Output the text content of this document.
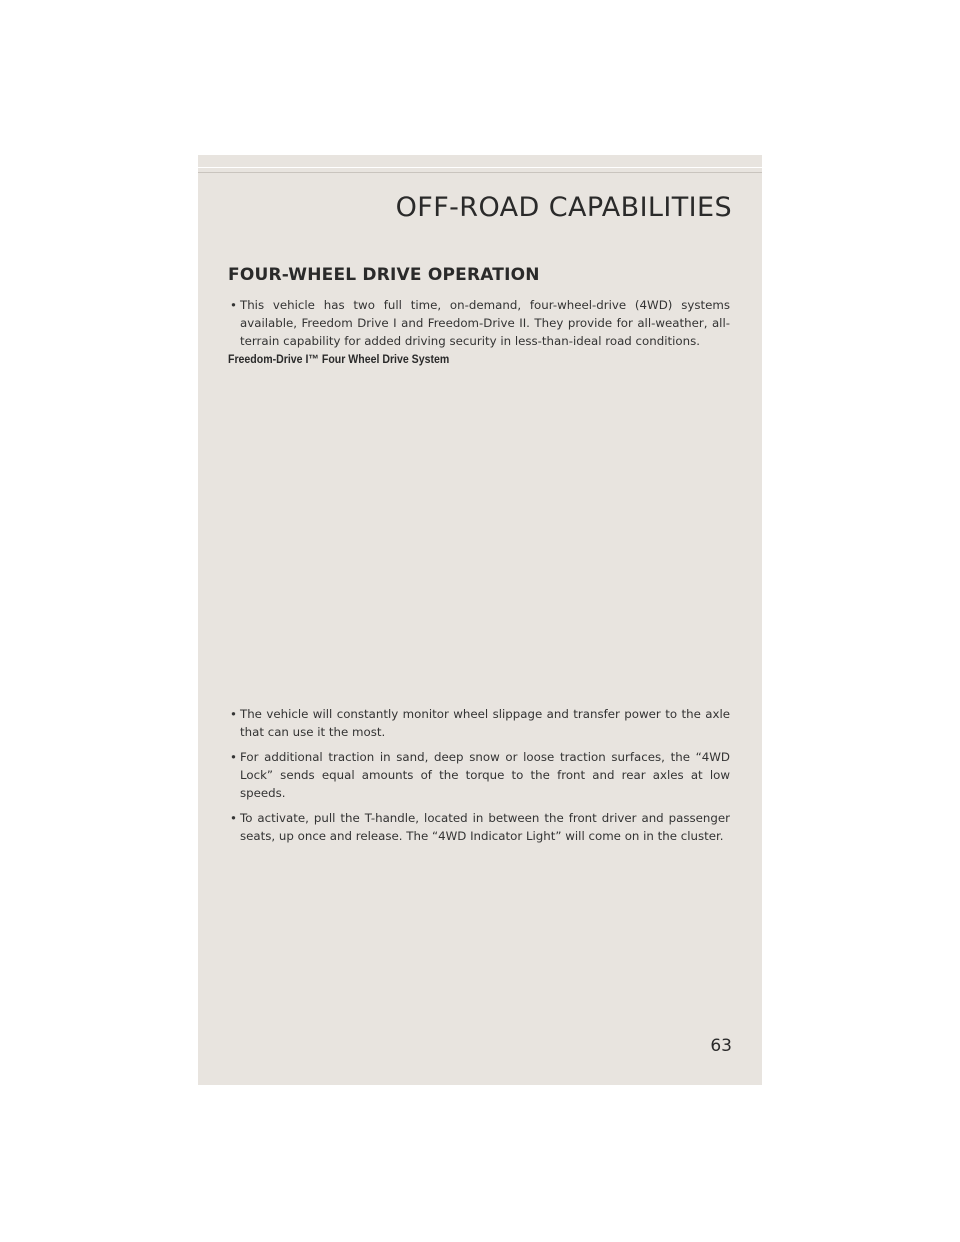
OFF-ROAD CAPABILITIES
FOUR-WHEEL DRIVE OPERATION
• This vehicle has two full time, on-demand, four-wheel-drive (4WD) systems available, Freedom Drive I and Freedom-Drive II. They provide for all-weather, all-terrain capability for added driving security in less-than-ideal road conditions.
Freedom-Drive I™ Four Wheel Drive System
• The vehicle will constantly monitor wheel slippage and transfer power to the axle that can use it the most.
• For additional traction in sand, deep snow or loose traction surfaces, the “4WD Lock” sends equal amounts of the torque to the front and rear axles at low speeds.
• To activate, pull the T-handle, located in between the front driver and passenger seats, up once and release. The “4WD Indicator Light” will come on in the cluster.
63
